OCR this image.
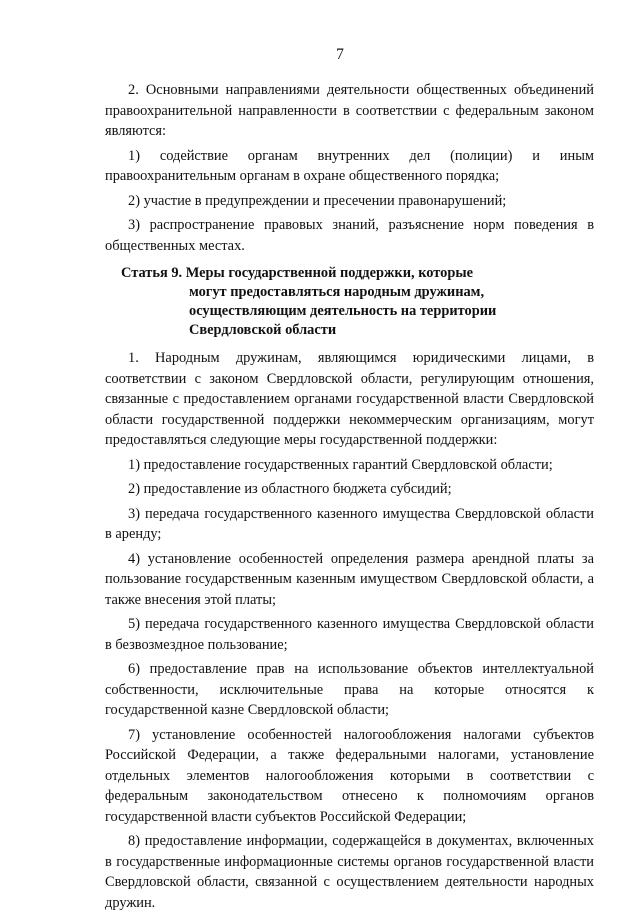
7

2. Основными направлениями деятельности общественных объединений правоохранительной направленности в соответствии с федеральным законом являются:

1) содействие органам внутренних дел (полиции) и иным правоохранительным органам в охране общественного порядка;

2) участие в предупреждении и пресечении правонарушений;

3) распространение правовых знаний, разъяснение норм поведения в общественных местах.

Статья 9. Меры государственной поддержки, которые
могут предоставляться народным дружинам,
осуществляющим деятельность на территории
Свердловской области

1. Народным дружинам, являющимся юридическими лицами, в соответствии с законом Свердловской области, регулирующим отношения, связанные с предоставлением органами государственной власти Свердловской области государственной поддержки некоммерческим организациям, могут предоставляться следующие меры государственной поддержки:

1) предоставление государственных гарантий Свердловской области;

2) предоставление из областного бюджета субсидий;

3) передача государственного казенного имущества Свердловской области в аренду;

4) установление особенностей определения размера арендной платы за пользование государственным казенным имуществом Свердловской области, а также внесения этой платы;

5) передача государственного казенного имущества Свердловской области в безвозмездное пользование;

6) предоставление прав на использование объектов интеллектуальной собственности, исключительные права на которые относятся к государственной казне Свердловской области;

7) установление особенностей налогообложения налогами субъектов Российской Федерации, а также федеральными налогами, установление отдельных элементов налогообложения которыми в соответствии с федеральным законодательством отнесено к полномочиям органов государственной власти субъектов Российской Федерации;

8) предоставление информации, содержащейся в документах, включенных в государственные информационные системы органов государственной власти Свердловской области, связанной с осуществлением деятельности народных дружин.
